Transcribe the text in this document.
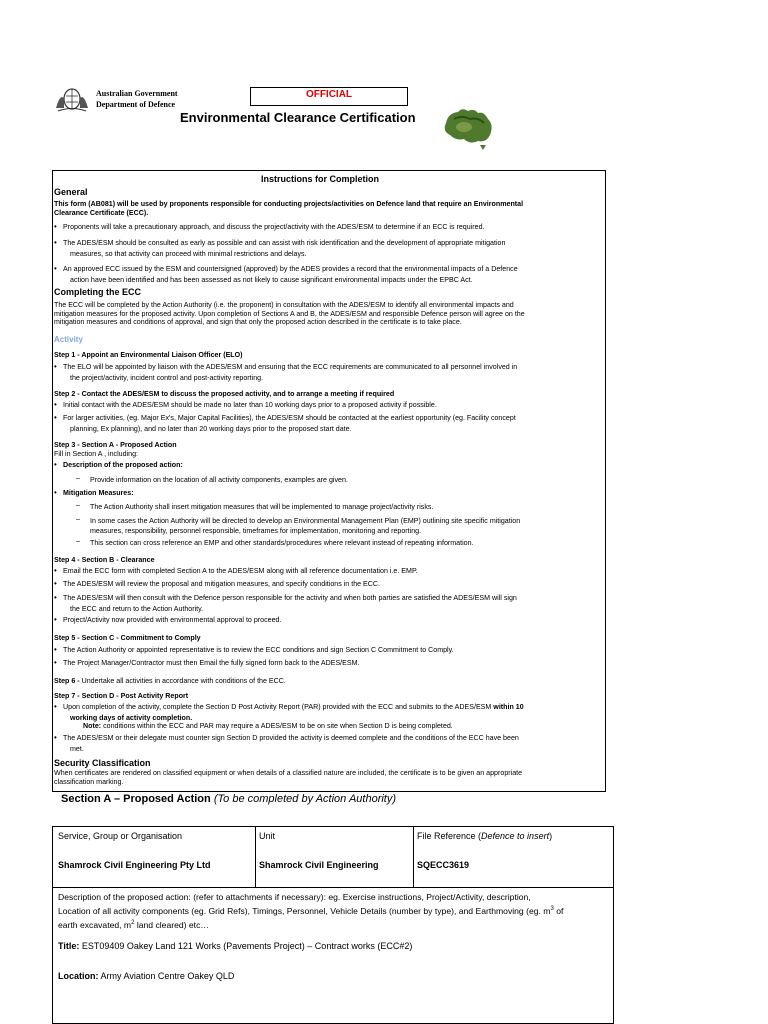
Australian Government
Department of Defence
OFFICIAL
Environmental Clearance Certification
Instructions for Completion
General
This form (AB081) will be used by proponents responsible for conducting projects/activities on Defence land that require an Environmental
Clearance Certificate (ECC).
• Proponents will take a precautionary approach, and discuss the project/activity with the ADES/ESM to determine if an ECC is required.
• The ADES/ESM should be consulted as early as possible and can assist with risk identification and the development of appropriate mitigation
measures, so that activity can proceed with minimal restrictions and delays.
• An approved ECC issued by the ESM and countersigned (approved) by the ADES provides a record that the environmental impacts of a Defence
action have been identified and has been assessed as not likely to cause significant environmental impacts under the EPBC Act.
Completing the ECC
The ECC will be completed by the Action Authority (i.e. the proponent) in consultation with the ADES/ESM to identify all environmental impacts and
mitigation measures for the proposed activity. Upon completion of Sections A and B, the ADES/ESM and responsible Defence person will agree on the
mitigation measures and conditions of approval, and sign that only the proposed action described in the certificate is to take place.
Activity
Step 1 - Appoint an Environmental Liaison Officer (ELO)
• The ELO will be appointed by liaison with the ADES/ESM and ensuring that the ECC requirements are communicated to all personnel involved in
the project/activity, incident control and post-activity reporting.
Step 2 - Contact the ADES/ESM to discuss the proposed activity, and to arrange a meeting if required
• Initial contact with the ADES/ESM should be made no later than 10 working days prior to a proposed activity if possible.
• For larger activities, (eg. Major Ex's, Major Capital Facilities), the ADES/ESM should be contacted at the earliest opportunity (eg. Facility concept
planning, Ex planning), and no later than 20 working days prior to the proposed start date.
Step 3 - Section A - Proposed Action
Fill in Section A , including:
• Description of the proposed action:
– Provide information on the location of all activity components, examples are given.
• Mitigation Measures:
– The Action Authority shall insert mitigation measures that will be implemented to manage project/activity risks.
– In some cases the Action Authority will be directed to develop an Environmental Management Plan (EMP) outlining site specific mitigation
measures, responsibility, personnel responsible, timeframes for implementation, monitoring and reporting.
– This section can cross reference an EMP and other standards/procedures where relevant instead of repeating information.
Step 4 - Section B - Clearance
• Email the ECC form with completed Section A to the ADES/ESM along with all reference documentation i.e. EMP.
• The ADES/ESM will review the proposal and mitigation measures, and specify conditions in the ECC.
• The ADES/ESM will then consult with the Defence person responsible for the activity and when both parties are satisfied the ADES/ESM will sign
the ECC and return to the Action Authority.
• Project/Activity now provided with environmental approval to proceed.
Step 5 - Section C - Commitment to Comply
• The Action Authority or appointed representative is to review the ECC conditions and sign Section C Commitment to Comply.
• The Project Manager/Contractor must then Email the fully signed form back to the ADES/ESM.
Step 6 - Undertake all activities in accordance with conditions of the ECC.
Step 7 - Section D - Post Activity Report
• Upon completion of the activity, complete the Section D Post Activity Report (PAR) provided with the ECC and submits to the ADES/ESM within 10
working days of activity completion.
Note: conditions within the ECC and PAR may require a ADES/ESM to be on site when Section D is being completed.
• The ADES/ESM or their delegate must counter sign Section D provided the activity is deemed complete and the conditions of the ECC have been
met.
Security Classification
When certificates are rendered on classified equipment or when details of a classified nature are included, the certificate is to be given an appropriate
classification marking.
Section A – Proposed Action (To be completed by Action Authority)
Service, Group or Organisation	Unit	File Reference (Defence to insert)
Shamrock Civil Engineering Pty Ltd	Shamrock Civil Engineering	SQECC3619
Description of the proposed action: (refer to attachments if necessary): eg. Exercise instructions, Project/Activity, description,
Location of all activity components (eg. Grid Refs), Timings, Personnel, Vehicle Details (number by type), and Earthmoving (eg. $m^3$ of
earth excavated, $m^2$ land cleared) etc…
Title: EST09409 Oakey Land 121 Works (Pavements Project) – Contract works (ECC#2)
Location: Army Aviation Centre Oakey QLD
